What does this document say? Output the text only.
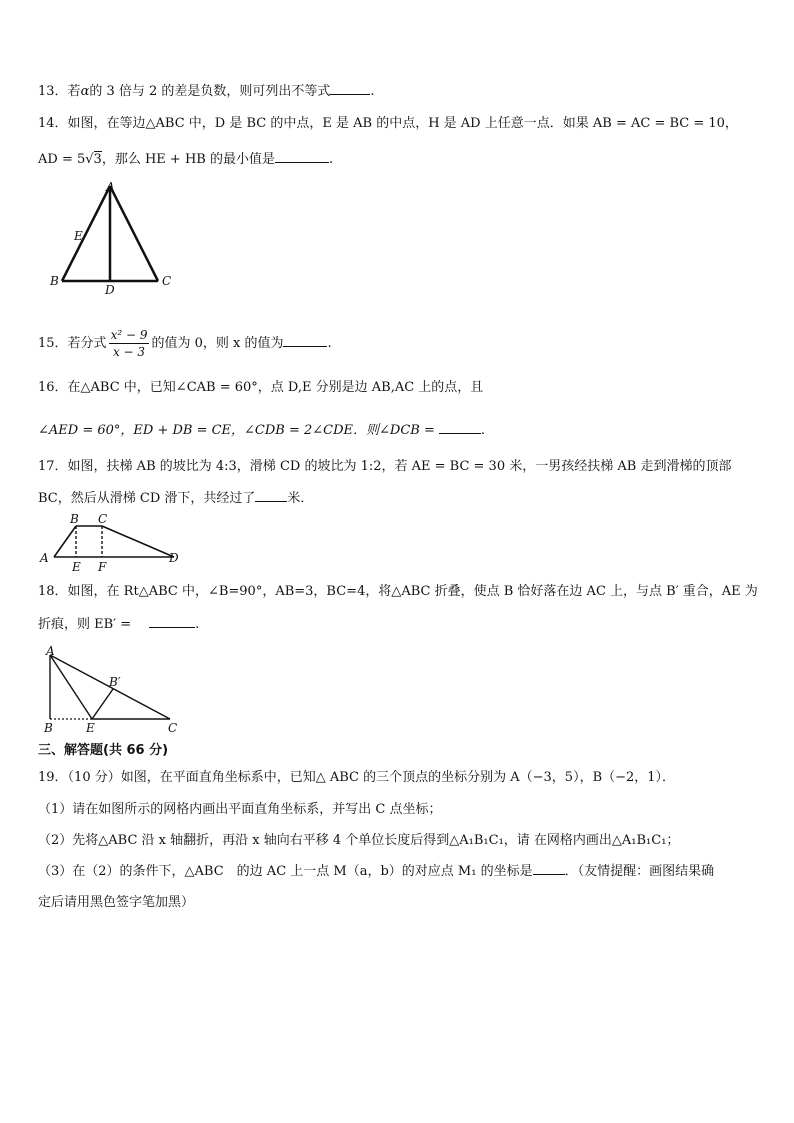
13．若α的 3 倍与 2 的差是负数，则可列出不等式	.
14．如图，在等边△ABC 中，D 是 BC 的中点，E 是 AB 的中点，H 是 AD 上任意一点．如果 AB = AC = BC = 10，
AD = 5√3，那么 HE + HB 的最小值是	.
A
E
B
D
C
15．若分式 $\frac{\text{x² − 9}}{x - 3}$ 的值为 0，则 x 的值为	.
16．在△ABC 中，已知∠CAB = 60°，点 D,E 分别是边 AB,AC 上的点，且
∠AED = 60°，ED + DB = CE，∠CDB = 2∠CDE．则∠DCB =	.
17．如图，扶梯 AB 的坡比为 4:3，滑梯 CD 的坡比为 1:2，若 AE = BC = 30 米，一男孩经扶梯 AB 走到滑梯的顶部
BC，然后从滑梯 CD 滑下，共经过了 米．
B C
A	D
E F
18．如图，在 Rt△ABC 中，∠B=90°，AB=3，BC=4，将△ABC 折叠，使点 B 恰好落在边 AC 上，与点 B′ 重合，AE 为
折痕，则 EB′ =	.
A
B′
B	E	C
三、解答题(共 66 分)
19．（10 分）如图，在平面直角坐标系中，已知△ ABC 的三个顶点的坐标分别为 A（−3，5），B（−2，1）．
（1）请在如图所示的网格内画出平面直角坐标系，并写出 C 点坐标；
（2）先将△ABC 沿 x 轴翻折，再沿 x 轴向右平移 4 个单位长度后得到△A₁B₁C₁，请 在网格内画出△A₁B₁C₁；
（3）在（2）的条件下，△ABC　的边 AC 上一点 M（a，b）的对应点 M₁ 的坐标是 ．（友情提醒：画图结果确
定后请用黑色签字笔加黑）
